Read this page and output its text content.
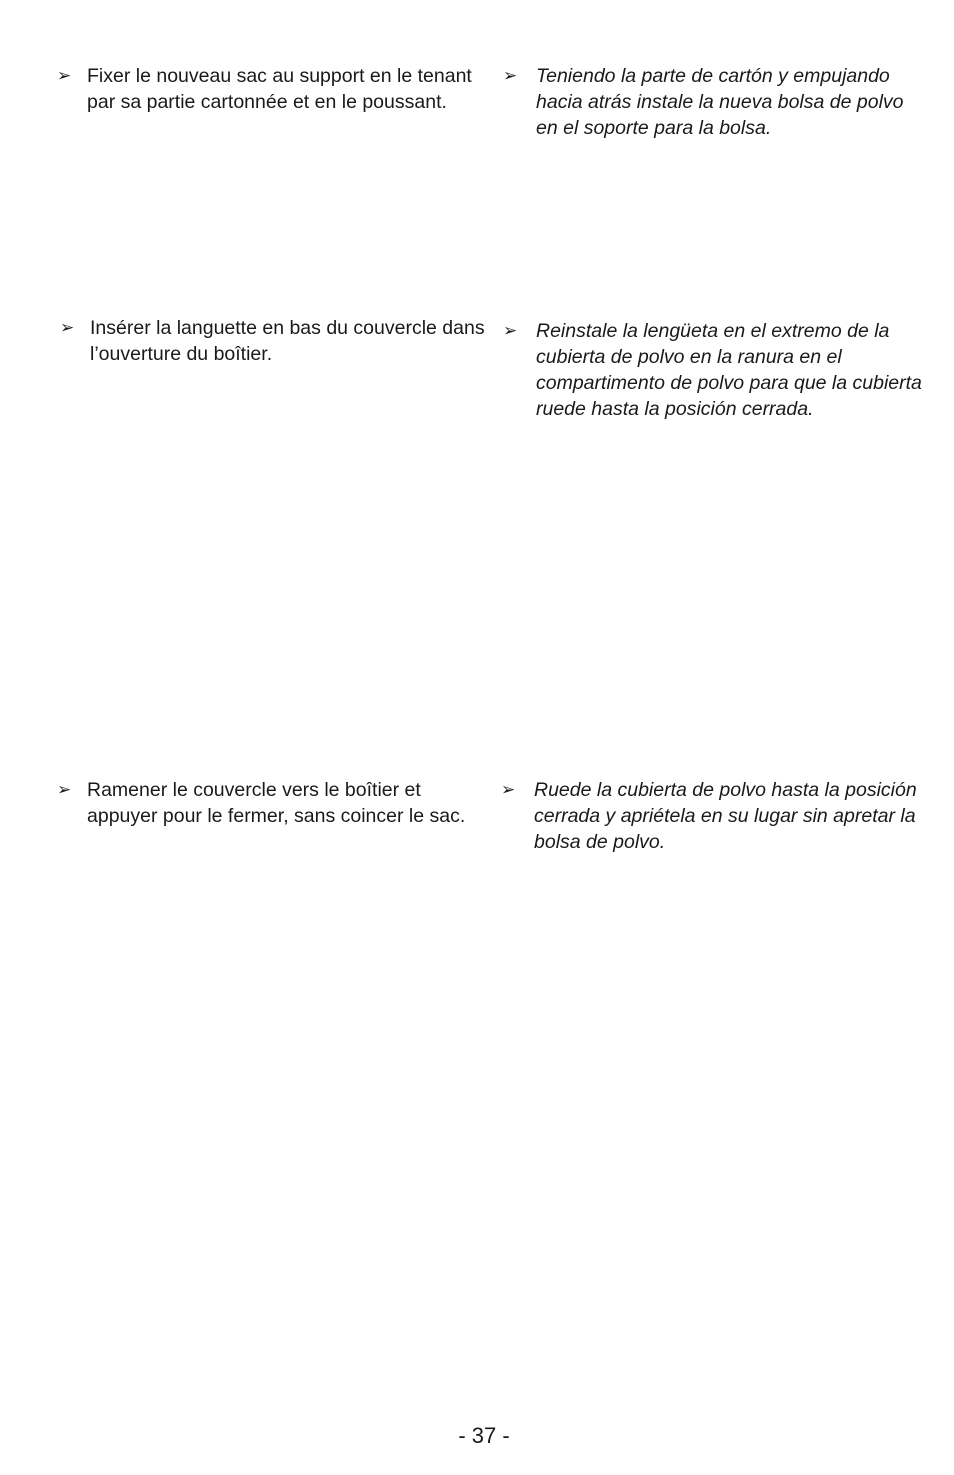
➢ Fixer le nouveau sac au support en le tenant par sa partie cartonnée et en le poussant.
➢ Teniendo la parte de cartón y empujando hacia atrás instale la nueva bolsa de polvo en el soporte para la bolsa.
➢ Insérer la languette en bas du couvercle dans l’ouverture du boîtier.
➢ Reinstale la lengüeta en el extremo de la cubierta de polvo en la ranura en el compartimento de polvo para que la cubierta ruede hasta la posición cerrada.
➢ Ramener le couvercle vers le boîtier et appuyer pour le fermer, sans coincer le sac.
➢ Ruede la cubierta de polvo hasta la posición cerrada y apriétela en su lugar sin apretar la bolsa de polvo.
- 37 -
